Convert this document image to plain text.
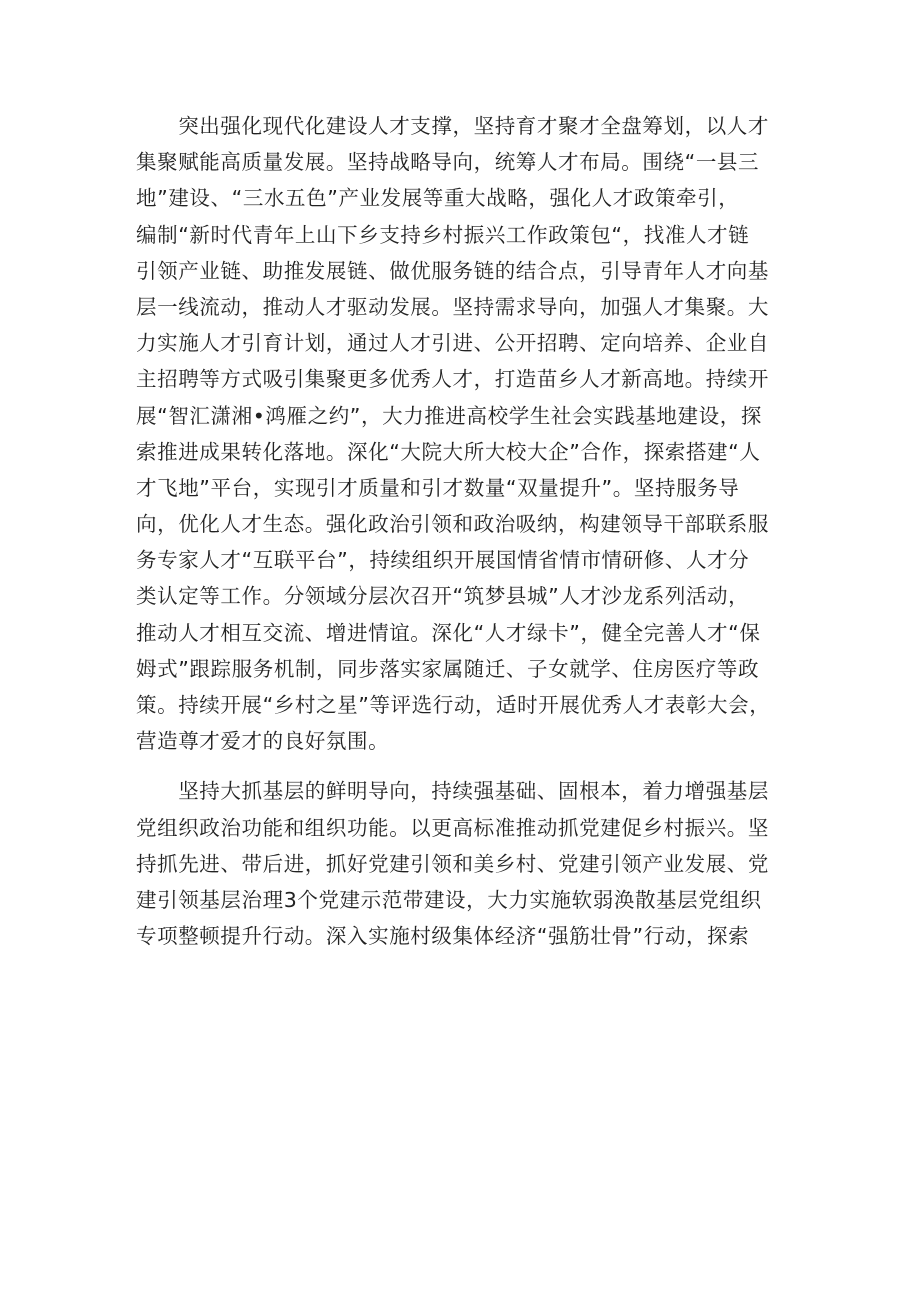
　　突出强化现代化建设人才支撑，坚持育才聚才全盘筹划，以人才
集聚赋能高质量发展。坚持战略导向，统筹人才布局。围绕“一县三
地”建设、“三水五色”产业发展等重大战略，强化人才政策牵引，
编制“新时代青年上山下乡支持乡村振兴工作政策包“，找准人才链
引领产业链、助推发展链、做优服务链的结合点，引导青年人才向基
层一线流动，推动人才驱动发展。坚持需求导向，加强人才集聚。大
力实施人才引育计划，通过人才引进、公开招聘、定向培养、企业自
主招聘等方式吸引集聚更多优秀人才，打造苗乡人才新高地。持续开
展“智汇潇湘•鸿雁之约”，大力推进高校学生社会实践基地建设，探
索推进成果转化落地。深化“大院大所大校大企”合作，探索搭建“人
才飞地”平台，实现引才质量和引才数量“双量提升”。坚持服务导
向，优化人才生态。强化政治引领和政治吸纳，构建领导干部联系服
务专家人才“互联平台”，持续组织开展国情省情市情研修、人才分
类认定等工作。分领域分层次召开“筑梦县城”人才沙龙系列活动，
推动人才相互交流、增进情谊。深化“人才绿卡”，健全完善人才“保
姆式”跟踪服务机制，同步落实家属随迁、子女就学、住房医疗等政
策。持续开展“乡村之星”等评选行动，适时开展优秀人才表彰大会，
营造尊才爱才的良好氛围。
　　坚持大抓基层的鲜明导向，持续强基础、固根本，着力增强基层
党组织政治功能和组织功能。以更高标准推动抓党建促乡村振兴。坚
持抓先进、带后进，抓好党建引领和美乡村、党建引领产业发展、党
建引领基层治理3个党建示范带建设，大力实施软弱涣散基层党组织
专项整顿提升行动。深入实施村级集体经济“强筋壮骨”行动，探索
